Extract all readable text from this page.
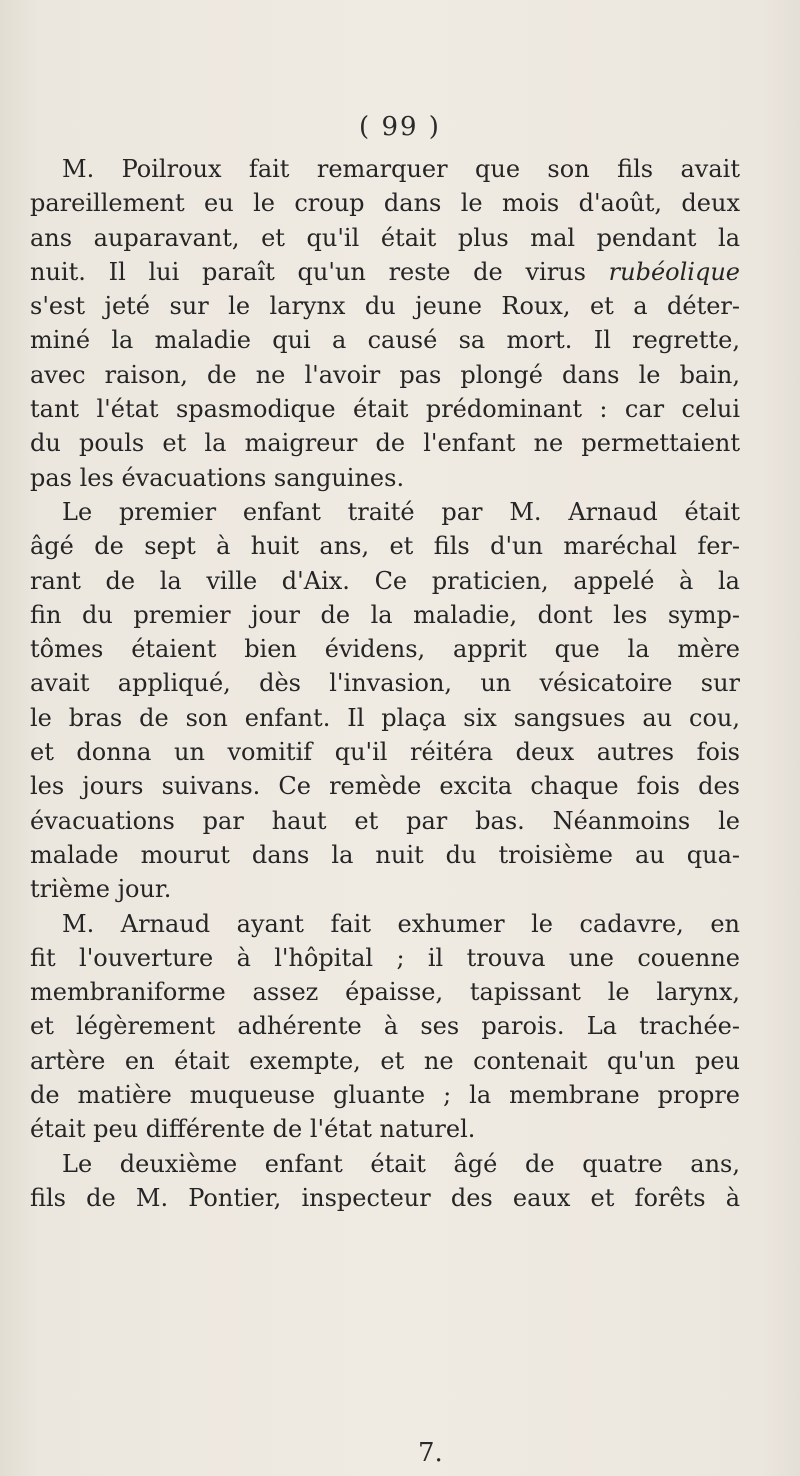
( 99 )
M. Poilroux fait remarquer que son fils avait
pareillement eu le croup dans le mois d'août, deux
ans auparavant, et qu'il était plus mal pendant la
nuit. Il lui paraît qu'un reste de virus rubéolique
s'est jeté sur le larynx du jeune Roux, et a déter-
miné la maladie qui a causé sa mort. Il regrette,
avec raison, de ne l'avoir pas plongé dans le bain,
tant l'état spasmodique était prédominant : car celui
du pouls et la maigreur de l'enfant ne permettaient
pas les évacuations sanguines.
Le premier enfant traité par M. Arnaud était
âgé de sept à huit ans, et fils d'un maréchal fer-
rant de la ville d'Aix. Ce praticien, appelé à la
fin du premier jour de la maladie, dont les symp-
tômes étaient bien évidens, apprit que la mère
avait appliqué, dès l'invasion, un vésicatoire sur
le bras de son enfant. Il plaça six sangsues au cou,
et donna un vomitif qu'il réitéra deux autres fois
les jours suivans. Ce remède excita chaque fois des
évacuations par haut et par bas. Néanmoins le
malade mourut dans la nuit du troisième au qua-
trième jour.
M. Arnaud ayant fait exhumer le cadavre, en
fit l'ouverture à l'hôpital ; il trouva une couenne
membraniforme assez épaisse, tapissant le larynx,
et légèrement adhérente à ses parois. La trachée-
artère en était exempte, et ne contenait qu'un peu
de matière muqueuse gluante ; la membrane propre
était peu différente de l'état naturel.
Le deuxième enfant était âgé de quatre ans,
fils de M. Pontier, inspecteur des eaux et forêts à
7.
